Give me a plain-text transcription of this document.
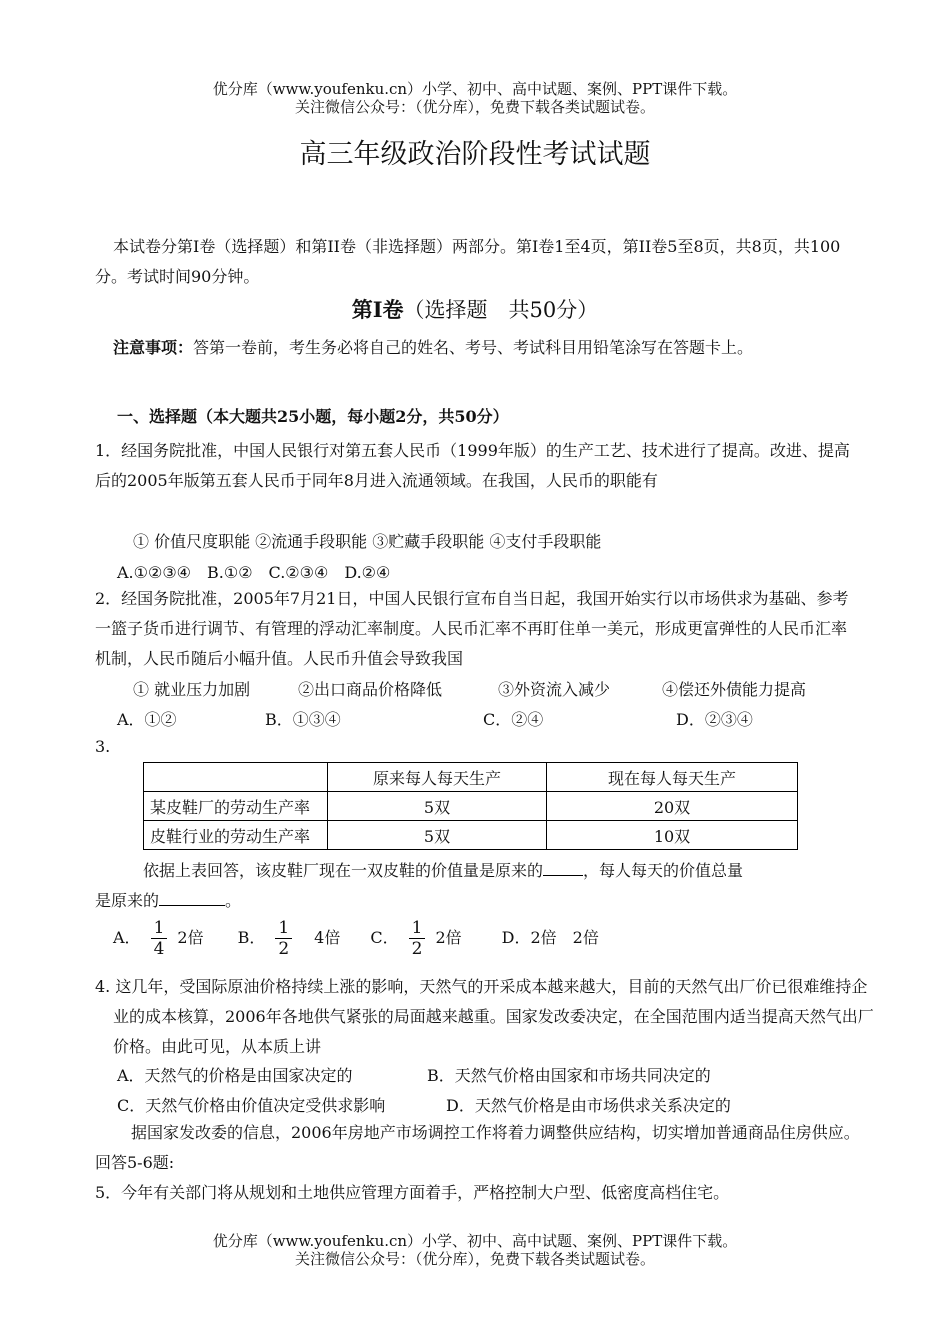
优分库（www.youfenku.cn）小学、初中、高中试题、案例、PPT课件下载。
关注微信公众号：（优分库），免费下载各类试题试卷。
高三年级政治阶段性考试试题
本试卷分第I卷（选择题）和第II卷（非选择题）两部分。第I卷1至4页，第II卷5至8页，共8页，共100分。考试时间90分钟。
第I卷（选择题　共50分）
注意事项：答第一卷前，考生务必将自己的姓名、考号、考试科目用铅笔涂写在答题卡上。
一、选择题（本大题共25小题，每小题2分，共50分）
1．经国务院批准，中国人民银行对第五套人民币（1999年版）的生产工艺、技术进行了提高。改进、提高后的2005年版第五套人民币于同年8月进入流通领域。在我国，人民币的职能有
① 价值尺度职能 ②流通手段职能 ③贮藏手段职能 ④支付手段职能
A.①②③④　B.①②　C.②③④　D.②④
2．经国务院批准，2005年7月21日，中国人民银行宣布自当日起，我国开始实行以市场供求为基础、参考一篮子货币进行调节、有管理的浮动汇率制度。人民币汇率不再盯住单一美元，形成更富弹性的人民币汇率机制，人民币随后小幅升值。人民币升值会导致我国
① 就业压力加剧	②出口商品价格降低	③外资流入减少	④偿还外债能力提高
A．①②	B．①③④	C．②④	D．②③④
3.
	原来每人每天生产	现在每人每天生产
某皮鞋厂的劳动生产率	5双	20双
皮鞋行业的劳动生产率	5双	10双
依据上表回答，该皮鞋厂现在一双皮鞋的价值量是原来的	，每人每天的价值总量
是原来的	。
A． $\frac{1}{4} 2$倍 B． $\frac{1}{2} 4$倍 C． $\frac{1}{2} 2$倍	D．2倍　2倍
4. 这几年，受国际原油价格持续上涨的影响，天然气的开采成本越来越大，目前的天然气出厂价已很难维持企业的成本核算，2006年各地供气紧张的局面越来越重。国家发改委决定，在全国范围内适当提高天然气出厂价格。由此可见，从本质上讲
A．天然气的价格是由国家决定的	B．天然气价格由国家和市场共同决定的
C．天然气价格由价值决定受供求影响	D．天然气价格是由市场供求关系决定的
据国家发改委的信息，2006年房地产市场调控工作将着力调整供应结构，切实增加普通商品住房供应。回答5-6题:
5．今年有关部门将从规划和土地供应管理方面着手，严格控制大户型、低密度高档住宅。
优分库（www.youfenku.cn）小学、初中、高中试题、案例、PPT课件下载。
关注微信公众号：（优分库），免费下载各类试题试卷。
